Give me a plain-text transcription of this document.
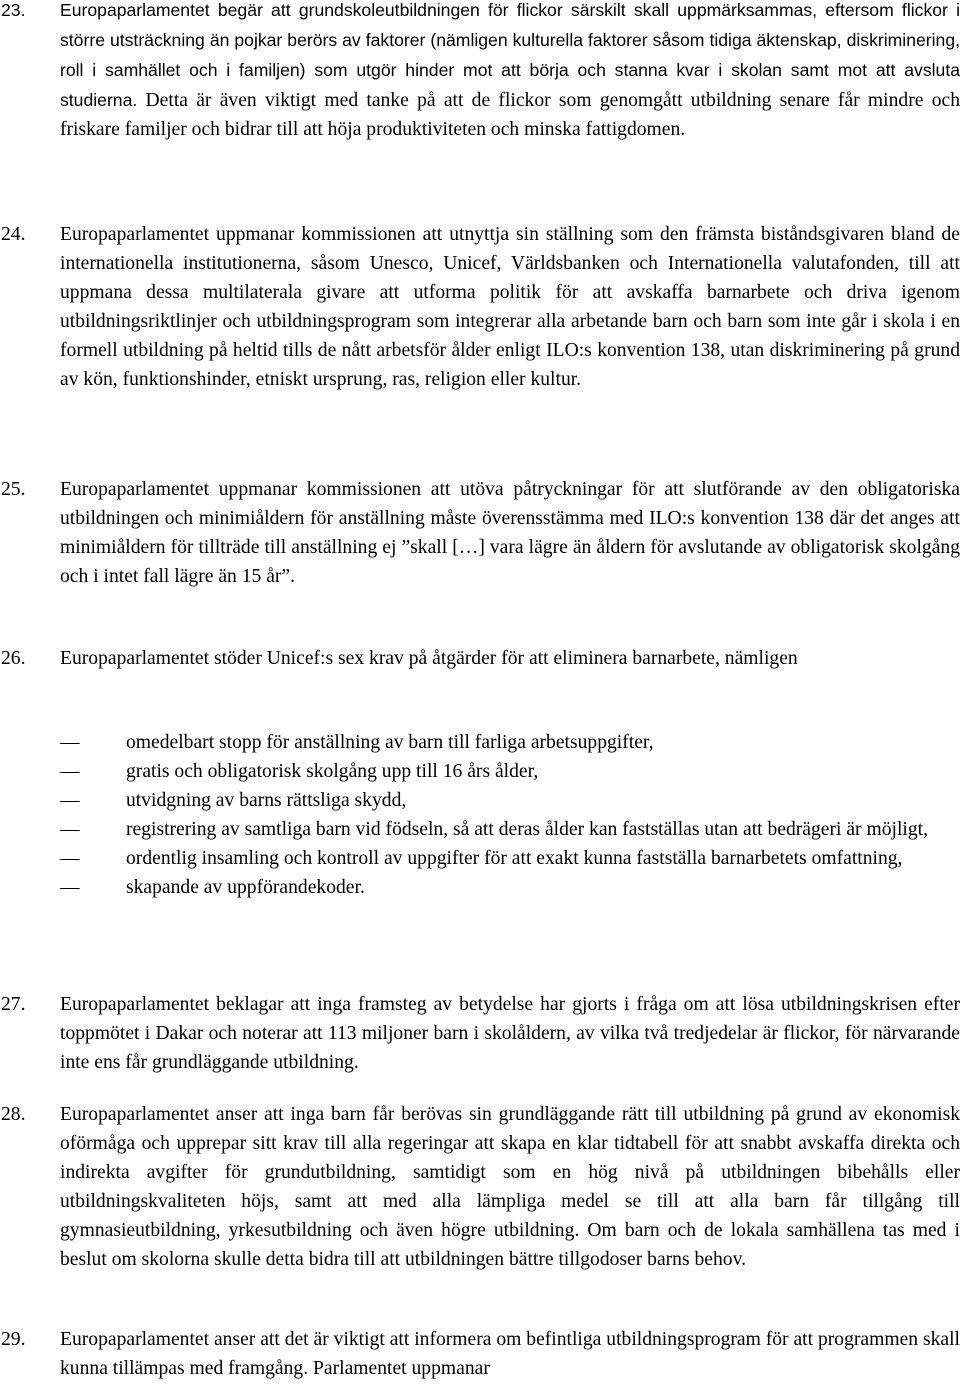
23.	Europaparlamentet begär att grundskoleutbildningen för flickor särskilt skall uppmärksammas, eftersom flickor i större utsträckning än pojkar berörs av faktorer (nämligen kulturella faktorer såsom tidiga äktenskap, diskriminering, roll i samhället och i familjen) som utgör hinder mot att börja och stanna kvar i skolan samt mot att avsluta studierna. Detta är även viktigt med tanke på att de flickor som genomgått utbildning senare får mindre och friskare familjer och bidrar till att höja produktiviteten och minska fattigdomen.
24.	Europaparlamentet uppmanar kommissionen att utnyttja sin ställning som den främsta biståndsgivaren bland de internationella institutionerna, såsom Unesco, Unicef, Världsbanken och Internationella valutafonden, till att uppmana dessa multilaterala givare att utforma politik för att avskaffa barnarbete och driva igenom utbildningsriktlinjer och utbildningsprogram som integrerar alla arbetande barn och barn som inte går i skola i en formell utbildning på heltid tills de nått arbetsför ålder enligt ILO:s konvention 138, utan diskriminering på grund av kön, funktionshinder, etniskt ursprung, ras, religion eller kultur.
25.	Europaparlamentet uppmanar kommissionen att utöva påtryckningar för att slutförande av den obligatoriska utbildningen och minimiåldern för anställning måste överensstämma med ILO:s konvention 138 där det anges att minimiåldern för tillträde till anställning ej ”skall […] vara lägre än åldern för avslutande av obligatorisk skolgång och i intet fall lägre än 15 år”.
26.	Europaparlamentet stöder Unicef:s sex krav på åtgärder för att eliminera barnarbete, nämligen
—	omedelbart stopp för anställning av barn till farliga arbetsuppgifter,
—	gratis och obligatorisk skolgång upp till 16 års ålder,
—	utvidgning av barns rättsliga skydd,
—	registrering av samtliga barn vid födseln, så att deras ålder kan fastställas utan att bedrägeri är möjligt,
—	ordentlig insamling och kontroll av uppgifter för att exakt kunna fastställa barnarbetets omfattning,
—	skapande av uppförandekoder.
27.	Europaparlamentet beklagar att inga framsteg av betydelse har gjorts i fråga om att lösa utbildningskrisen efter toppmötet i Dakar och noterar att 113 miljoner barn i skolåldern, av vilka två tredjedelar är flickor, för närvarande inte ens får grundläggande utbildning.
28.	Europaparlamentet anser att inga barn får berövas sin grundläggande rätt till utbildning på grund av ekonomisk oförmåga och upprepar sitt krav till alla regeringar att skapa en klar tidtabell för att snabbt avskaffa direkta och indirekta avgifter för grundutbildning, samtidigt som en hög nivå på utbildningen bibehålls eller utbildningskvaliteten höjs, samt att med alla lämpliga medel se till att alla barn får tillgång till gymnasieutbildning, yrkesutbildning och även högre utbildning. Om barn och de lokala samhällena tas med i beslut om skolorna skulle detta bidra till att utbildningen bättre tillgodoser barns behov.
29.	Europaparlamentet anser att det är viktigt att informera om befintliga utbildningsprogram för att programmen skall kunna tillämpas med framgång. Parlamentet uppmanar
